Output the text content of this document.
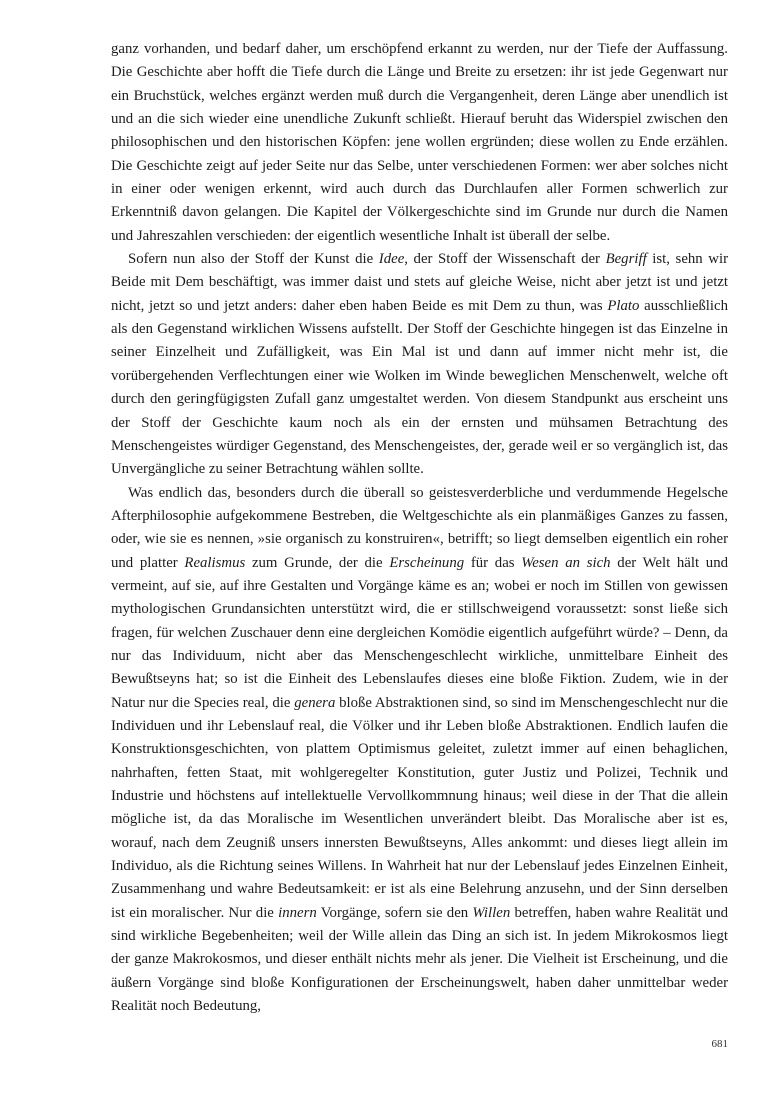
ganz vorhanden, und bedarf daher, um erschöpfend erkannt zu werden, nur der Tiefe der Auffassung. Die Geschichte aber hofft die Tiefe durch die Länge und Breite zu ersetzen: ihr ist jede Gegenwart nur ein Bruchstück, welches ergänzt werden muß durch die Vergangenheit, deren Länge aber unendlich ist und an die sich wieder eine unendliche Zukunft schließt. Hierauf beruht das Widerspiel zwischen den philosophischen und den historischen Köpfen: jene wollen ergründen; diese wollen zu Ende erzählen. Die Geschichte zeigt auf jeder Seite nur das Selbe, unter verschiedenen Formen: wer aber solches nicht in einer oder wenigen erkennt, wird auch durch das Durchlaufen aller Formen schwerlich zur Erkenntniß davon gelangen. Die Kapitel der Völkergeschichte sind im Grunde nur durch die Namen und Jahreszahlen verschieden: der eigentlich wesentliche Inhalt ist überall der selbe.

Sofern nun also der Stoff der Kunst die Idee, der Stoff der Wissenschaft der Begriff ist, sehn wir Beide mit Dem beschäftigt, was immer daist und stets auf gleiche Weise, nicht aber jetzt ist und jetzt nicht, jetzt so und jetzt anders: daher eben haben Beide es mit Dem zu thun, was Plato ausschließlich als den Gegenstand wirklichen Wissens aufstellt. Der Stoff der Geschichte hingegen ist das Einzelne in seiner Einzelheit und Zufälligkeit, was Ein Mal ist und dann auf immer nicht mehr ist, die vorübergehenden Verflechtungen einer wie Wolken im Winde beweglichen Menschenwelt, welche oft durch den geringfügigsten Zufall ganz umgestaltet werden. Von diesem Standpunkt aus erscheint uns der Stoff der Geschichte kaum noch als ein der ernsten und mühsamen Betrachtung des Menschengeistes würdiger Gegenstand, des Menschengeistes, der, gerade weil er so vergänglich ist, das Unvergängliche zu seiner Betrachtung wählen sollte.

Was endlich das, besonders durch die überall so geistesverderbliche und verdummende Hegelsche Afterphilosophie aufgekommene Bestreben, die Weltgeschichte als ein planmäßiges Ganzes zu fassen, oder, wie sie es nennen, »sie organisch zu konstruiren«, betrifft; so liegt demselben eigentlich ein roher und platter Realismus zum Grunde, der die Erscheinung für das Wesen an sich der Welt hält und vermeint, auf sie, auf ihre Gestalten und Vorgänge käme es an; wobei er noch im Stillen von gewissen mythologischen Grundansichten unterstützt wird, die er stillschweigend voraussetzt: sonst ließe sich fragen, für welchen Zuschauer denn eine dergleichen Komödie eigentlich aufgeführt würde? – Denn, da nur das Individuum, nicht aber das Menschengeschlecht wirkliche, unmittelbare Einheit des Bewußtseyns hat; so ist die Einheit des Lebenslaufes dieses eine bloße Fiktion. Zudem, wie in der Natur nur die Species real, die genera bloße Abstraktionen sind, so sind im Menschengeschlecht nur die Individuen und ihr Lebenslauf real, die Völker und ihr Leben bloße Abstraktionen. Endlich laufen die Konstruktionsgeschichten, von plattem Optimismus geleitet, zuletzt immer auf einen behaglichen, nahrhaften, fetten Staat, mit wohlgeregelter Konstitution, guter Justiz und Polizei, Technik und Industrie und höchstens auf intellektuelle Vervollkommnung hinaus; weil diese in der That die allein mögliche ist, da das Moralische im Wesentlichen unverändert bleibt. Das Moralische aber ist es, worauf, nach dem Zeugniß unsers innersten Bewußtseyns, Alles ankommt: und dieses liegt allein im Individuo, als die Richtung seines Willens. In Wahrheit hat nur der Lebenslauf jedes Einzelnen Einheit, Zusammenhang und wahre Bedeutsamkeit: er ist als eine Belehrung anzusehn, und der Sinn derselben ist ein moralischer. Nur die innern Vorgänge, sofern sie den Willen betreffen, haben wahre Realität und sind wirkliche Begebenheiten; weil der Wille allein das Ding an sich ist. In jedem Mikrokosmos liegt der ganze Makrokosmos, und dieser enthält nichts mehr als jener. Die Vielheit ist Erscheinung, und die äußern Vorgänge sind bloße Konfigurationen der Erscheinungswelt, haben daher unmittelbar weder Realität noch Bedeutung,

681
